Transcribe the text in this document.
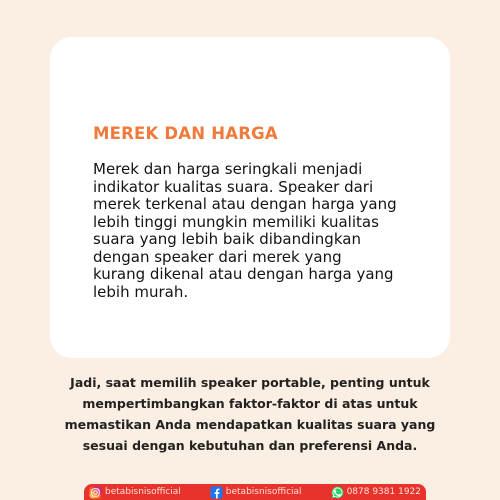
MEREK DAN HARGA

Merek dan harga seringkali menjadi
indikator kualitas suara. Speaker dari
merek terkenal atau dengan harga yang
lebih tinggi mungkin memiliki kualitas
suara yang lebih baik dibandingkan
dengan speaker dari merek yang
kurang dikenal atau dengan harga yang
lebih murah.

Jadi, saat memilih speaker portable, penting untuk
mempertimbangkan faktor-faktor di atas untuk
memastikan Anda mendapatkan kualitas suara yang
sesuai dengan kebutuhan dan preferensi Anda.

betabisnisofficial	betabisnisofficial	0878 9381 1922
